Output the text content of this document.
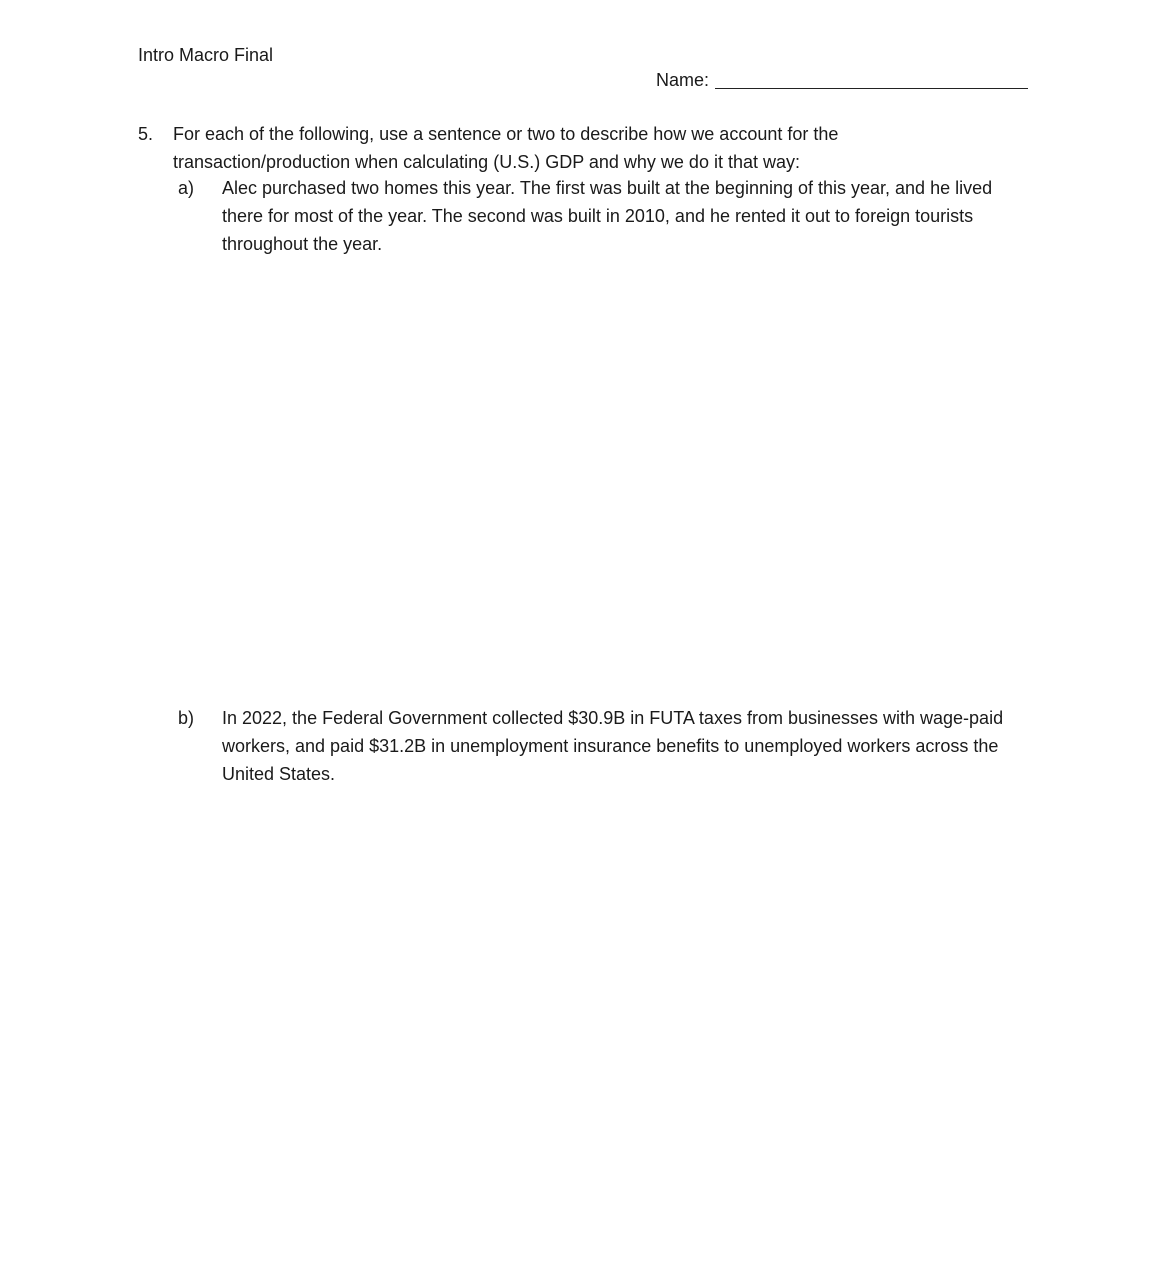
Intro Macro Final
Name:
5.	For each of the following, use a sentence or two to describe how we account for the transaction/production when calculating (U.S.) GDP and why we do it that way:
a)	Alec purchased two homes this year. The first was built at the beginning of this year, and he lived there for most of the year. The second was built in 2010, and he rented it out to foreign tourists throughout the year.
b)	In 2022, the Federal Government collected $30.9B in FUTA taxes from businesses with wage-paid workers, and paid $31.2B in unemployment insurance benefits to unemployed workers across the United States.
